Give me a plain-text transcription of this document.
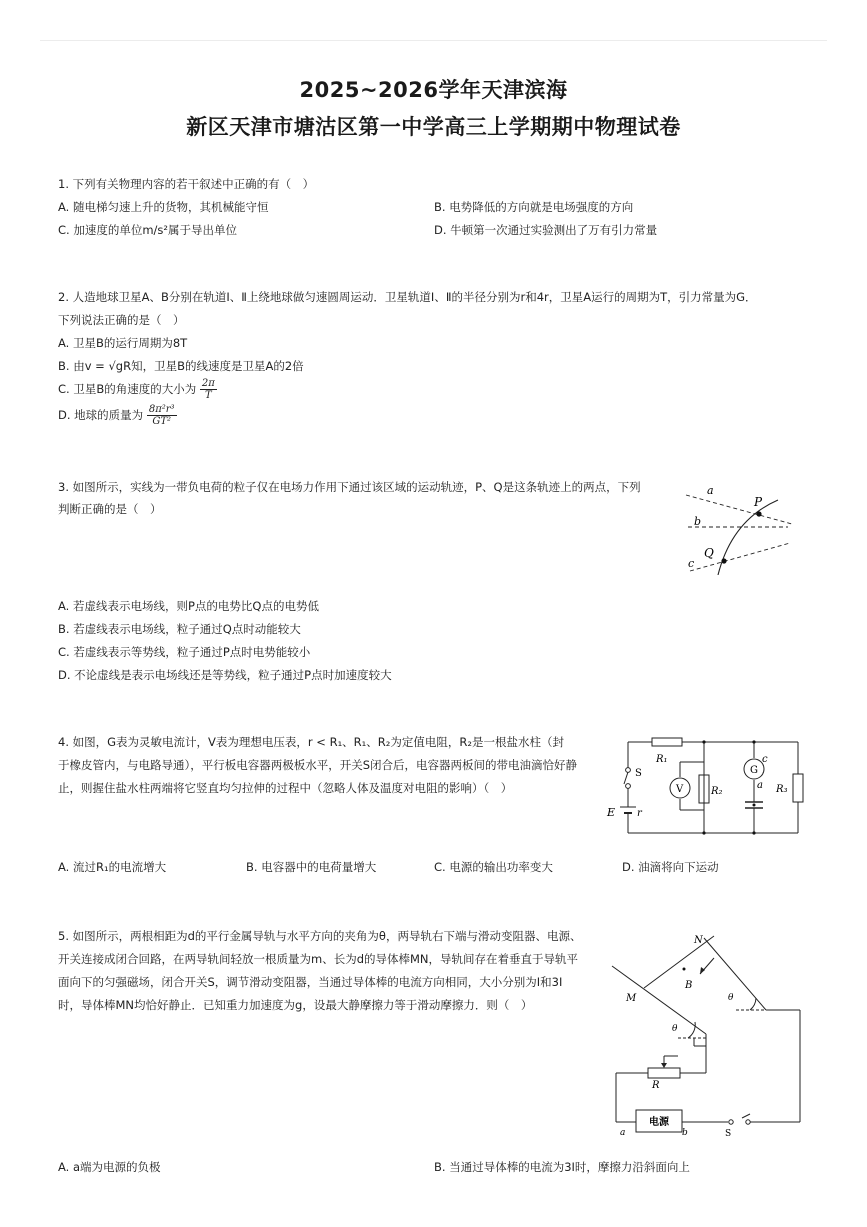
2025~2026学年天津滨海
新区天津市塘沽区第一中学高三上学期期中物理试卷
1. 下列有关物理内容的若干叙述中正确的有（　）
A. 随电梯匀速上升的货物，其机械能守恒	B. 电势降低的方向就是电场强度的方向
C. 加速度的单位m/s²属于导出单位	D. 牛顿第一次通过实验测出了万有引力常量
2. 人造地球卫星A、B分别在轨道Ⅰ、Ⅱ上绕地球做匀速圆周运动．卫星轨道Ⅰ、Ⅱ的半径分别为r和4r，卫星A运行的周期为T，引力常量为G．
下列说法正确的是（　）
A. 卫星B的运行周期为8T
B. 由v = √gR知，卫星B的线速度是卫星A的2倍
C. 卫星B的角速度的大小为 $\frac{2\pi}{T}$
D. 地球的质量为 $\frac{\text{8π²r³}}{\text{GT²}}$
3. 如图所示，实线为一带负电荷的粒子仅在电场力作用下通过该区域的运动轨迹，P、Q是这条轨迹上的两点，下列
判断正确的是（　）
A. 若虚线表示电场线，则P点的电势比Q点的电势低
B. 若虚线表示电场线，粒子通过Q点时动能较大
C. 若虚线表示等势线，粒子通过P点时电势能较小
D. 不论虚线是表示电场线还是等势线，粒子通过P点时加速度较大
a
b
c
P
Q
4. 如图，G表为灵敏电流计，V表为理想电压表，r < R₁、R₁、R₂为定值电阻，R₂是一根盐水柱（封
于橡皮管内，与电路导通），平行板电容器两极板水平，开关S闭合后，电容器两板间的带电油滴恰好静
止，则握住盐水柱两端将它竖直均匀拉伸的过程中（忽略人体及温度对电阻的影响）（　）
A. 流过R₁的电流增大	B. 电容器中的电荷量增大	C. 电源的输出功率变大	D. 油滴将向下运动
R₁
R₂	R₃
S
E r
V
G
c
a
5. 如图所示，两根相距为d的平行金属导轨与水平方向的夹角为θ，两导轨右下端与滑动变阻器、电源、
开关连接成闭合回路，在两导轨间轻放一根质量为m、长为d的导体棒MN，导轨间存在着垂直于导轨平
面向下的匀强磁场，闭合开关S，调节滑动变阻器，当通过导体棒的电流方向相同，大小分别为I和3I
时，导体棒MN均恰好静止．已知重力加速度为g，设最大静摩擦力等于滑动摩擦力．则（　）
N
M
B
θ
θ
R
电源
a	b	S
A. a端为电源的负极	B. 当通过导体棒的电流为3I时，摩擦力沿斜面向上
